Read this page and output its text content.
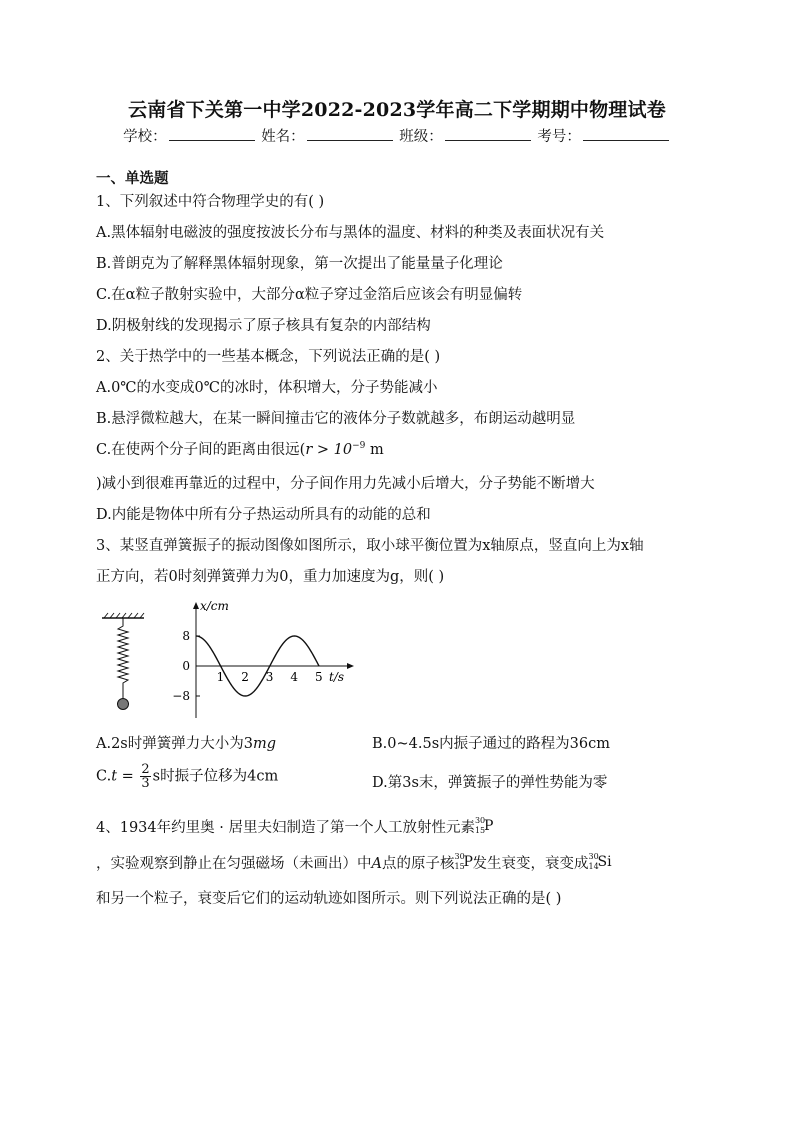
云南省下关第一中学2022-2023学年高二下学期期中物理试卷
学校：	姓名：	班级：	考号：
一、单选题
1、下列叙述中符合物理学史的有( )
A.黑体辐射电磁波的强度按波长分布与黑体的温度、材料的种类及表面状况有关
B.普朗克为了解释黑体辐射现象，第一次提出了能量量子化理论
C.在α粒子散射实验中，大部分α粒子穿过金箔后应该会有明显偏转
D.阴极射线的发现揭示了原子核具有复杂的内部结构
2、关于热学中的一些基本概念，下列说法正确的是( )
A.0℃的水变成0℃的冰时，体积增大，分子势能减小
B.悬浮微粒越大，在某一瞬间撞击它的液体分子数就越多，布朗运动越明显
C.在使两个分子间的距离由很远($r > 10^{-9}$ m
)减小到很难再靠近的过程中，分子间作用力先减小后增大，分子势能不断增大
D.内能是物体中所有分子热运动所具有的动能的总和
3、某竖直弹簧振子的振动图像如图所示，取小球平衡位置为x轴原点，竖直向上为x轴
正方向，若0时刻弹簧弹力为0，重力加速度为g，则( )
x/cm
t/s
1 2 3 4 5
8
0
−8
A.2s时弹簧弹力大小为3mg	B.0~4.5s内振子通过的路程为36cm
$C.t = \frac{2}{3}$ s时振子位移为4cm	D.第3s末，弹簧振子的弹性势能为零
4、1934年约里奥 · 居里夫妇制造了第一个人工放射性元素 30
15
P
，实验观察到静止在匀强磁场（未画出）中A点的原子核 30
15
P 发生衰变，衰变成 30
14
Si
和另一个粒子，衰变后它们的运动轨迹如图所示。则下列说法正确的是( )
